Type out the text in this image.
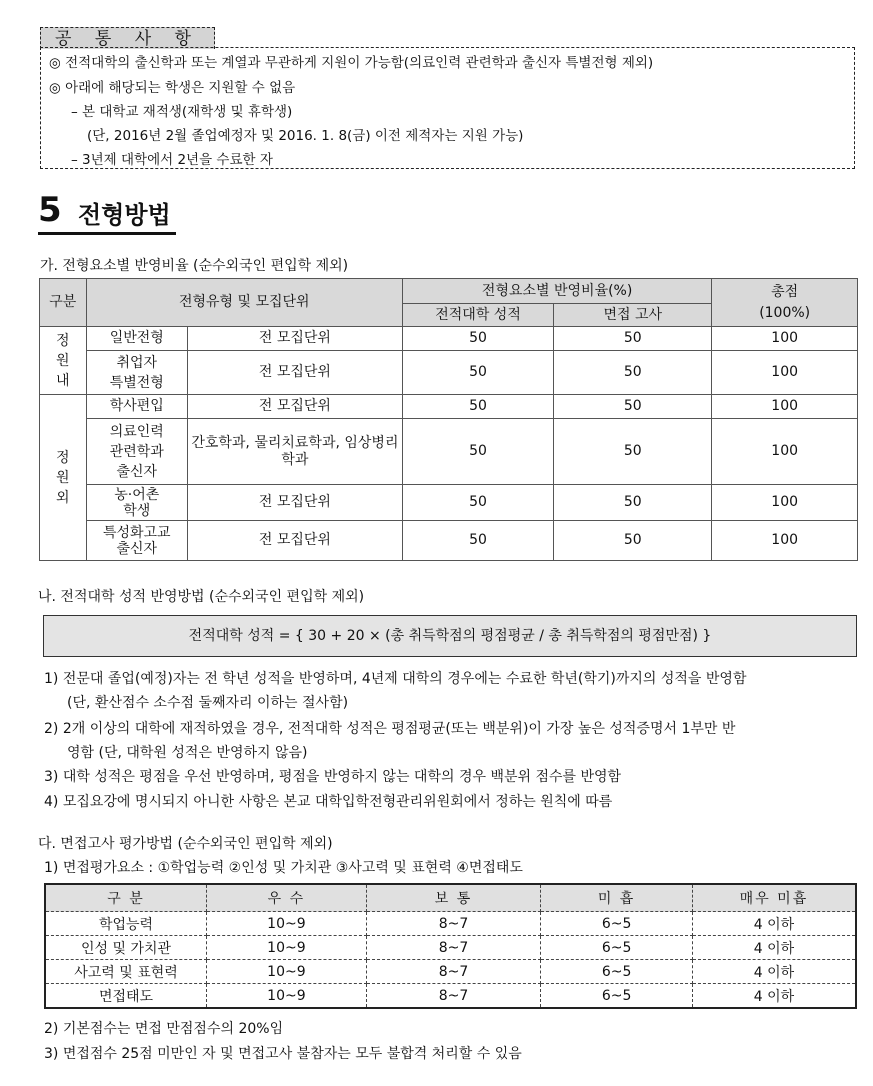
공 통 사 항
◎ 전적대학의 출신학과 또는 계열과 무관하게 지원이 가능함(의료인력 관련학과 출신자 특별전형 제외)
◎ 아래에 해당되는 학생은 지원할 수 없음
– 본 대학교 재적생(재학생 및 휴학생)
(단, 2016년 2월 졸업예정자 및 2016. 1. 8(금) 이전 제적자는 지원 가능)
– 3년제 대학에서 2년을 수료한 자
5 전형방법
가. 전형요소별 반영비율 (순수외국인 편입학 제외)
구분	전형유형 및 모집단위		전형요소별 반영비율(%)		총점
(100%)

			전적대학 성적	면접 고사	
정
원
내	일반전형	전 모집단위	50	50	100
	취업자
특별전형	전 모집단위	50	50	100
정
원
외	학사편입	전 모집단위	50	50	100
	의료인력
관련학과
출신자	간호학과, 물리치료학과, 임상병리학과	50	50	100
	농·어촌
학생	전 모집단위	50	50	100
	특성화고교
출신자	전 모집단위	50	50	100
나. 전적대학 성적 반영방법 (순수외국인 편입학 제외)
전적대학 성적 = { 30 + 20 × (총 취득학점의 평점평균 / 총 취득학점의 평점만점) }
1) 전문대 졸업(예정)자는 전 학년 성적을 반영하며, 4년제 대학의 경우에는 수료한 학년(학기)까지의 성적을 반영함
(단, 환산점수 소수점 둘째자리 이하는 절사함)
2) 2개 이상의 대학에 재적하였을 경우, 전적대학 성적은 평점평균(또는 백분위)이 가장 높은 성적증명서 1부만 반
영함 (단, 대학원 성적은 반영하지 않음)
3) 대학 성적은 평점을 우선 반영하며, 평점을 반영하지 않는 대학의 경우 백분위 점수를 반영함
4) 모집요강에 명시되지 아니한 사항은 본교 대학입학전형관리위원회에서 정하는 원칙에 따름
다. 면접고사 평가방법 (순수외국인 편입학 제외)
1) 면접평가요소 : ①학업능력 ②인성 및 가치관 ③사고력 및 표현력 ④면접태도
구 분	우 수	보 통	미 흡	매우 미흡
학업능력	10~9	8~7	6~5	4 이하
인성 및 가치관	10~9	8~7	6~5	4 이하
사고력 및 표현력	10~9	8~7	6~5	4 이하
면접태도	10~9	8~7	6~5	4 이하
2) 기본점수는 면접 만점점수의 20%임
3) 면접점수 25점 미만인 자 및 면접고사 불참자는 모두 불합격 처리할 수 있음
